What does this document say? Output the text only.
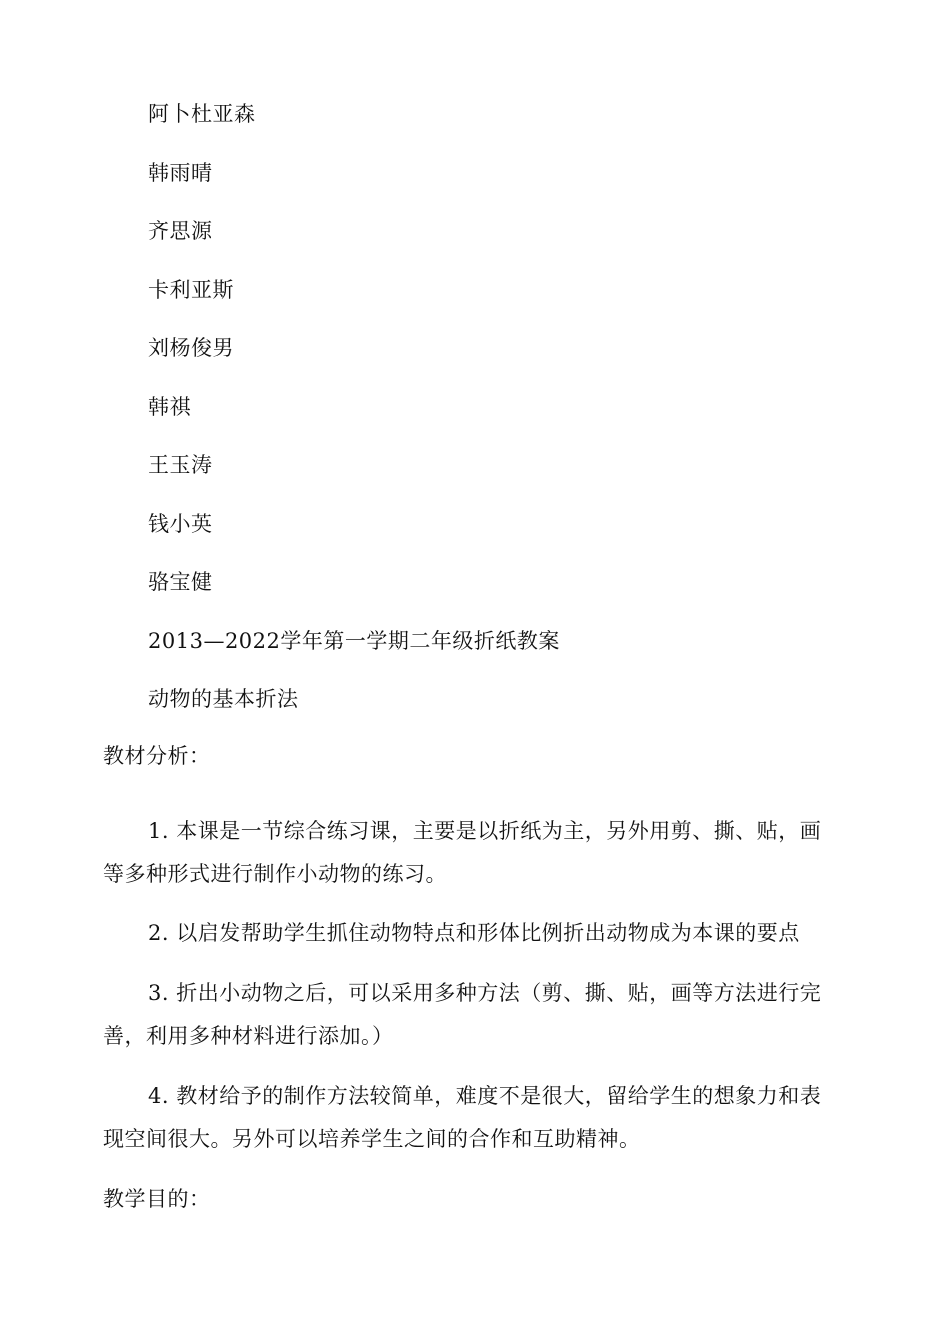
阿卜杜亚森
韩雨晴
齐思源
卡利亚斯
刘杨俊男
韩祺
王玉涛
钱小英
骆宝健
2013—2022学年第一学期二年级折纸教案
动物的基本折法
教材分析：
1. 本课是一节综合练习课，主要是以折纸为主，另外用剪、撕、贴，画
等多种形式进行制作小动物的练习。
2. 以启发帮助学生抓住动物特点和形体比例折出动物成为本课的要点
3. 折出小动物之后，可以采用多种方法（剪、撕、贴，画等方法进行完
善，利用多种材料进行添加。）
4. 教材给予的制作方法较简单，难度不是很大，留给学生的想象力和表
现空间很大。另外可以培养学生之间的合作和互助精神。
教学目的：
